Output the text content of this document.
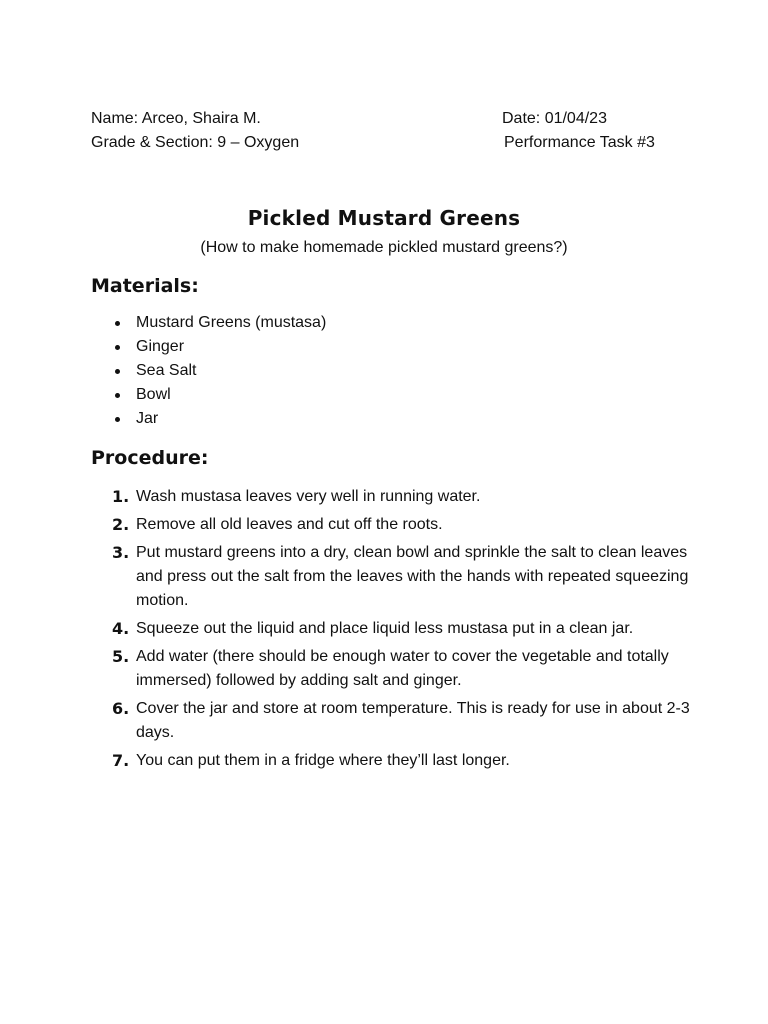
Name: Arceo, Shaira M.
Grade & Section: 9 – Oxygen
Date: 01/04/23
Performance Task #3
Pickled Mustard Greens
(How to make homemade pickled mustard greens?)
Materials:
Mustard Greens (mustasa)
Ginger
Sea Salt
Bowl
Jar
Procedure:
1. Wash mustasa leaves very well in running water.
2. Remove all old leaves and cut off the roots.
3. Put mustard greens into a dry, clean bowl and sprinkle the salt to clean leaves and press out the salt from the leaves with the hands with repeated squeezing motion.
4. Squeeze out the liquid and place liquid less mustasa put in a clean jar.
5. Add water (there should be enough water to cover the vegetable and totally immersed) followed by adding salt and ginger.
6. Cover the jar and store at room temperature. This is ready for use in about 2-3 days.
7. You can put them in a fridge where they’ll last longer.
